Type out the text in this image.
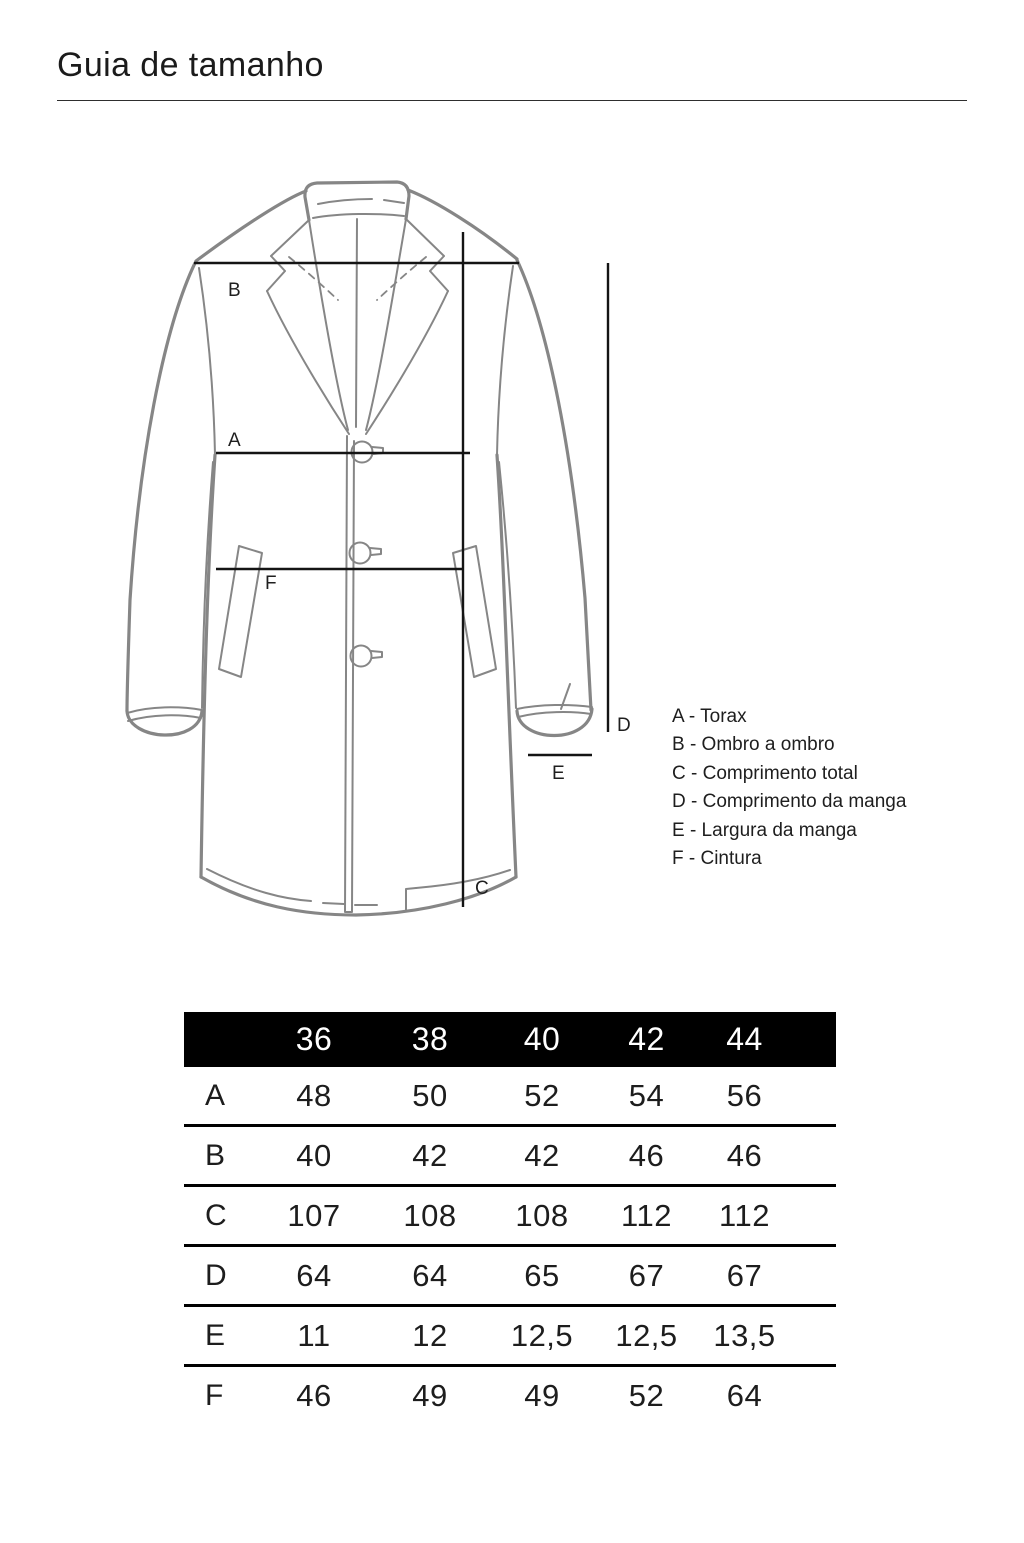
Guia de tamanho
B
A
F
D
E
C
A - Torax
B - Ombro a ombro
C - Comprimento total
D - Comprimento da manga
E - Largura da manga
F - Cintura
	36	38	40	42	44
A	48	50	52	54	56
B	40	42	42	46	46
C	107	108	108	112	112
D	64	64	65	67	67
E	11	12	12,5	12,5	13,5
F	46	49	49	52	64
